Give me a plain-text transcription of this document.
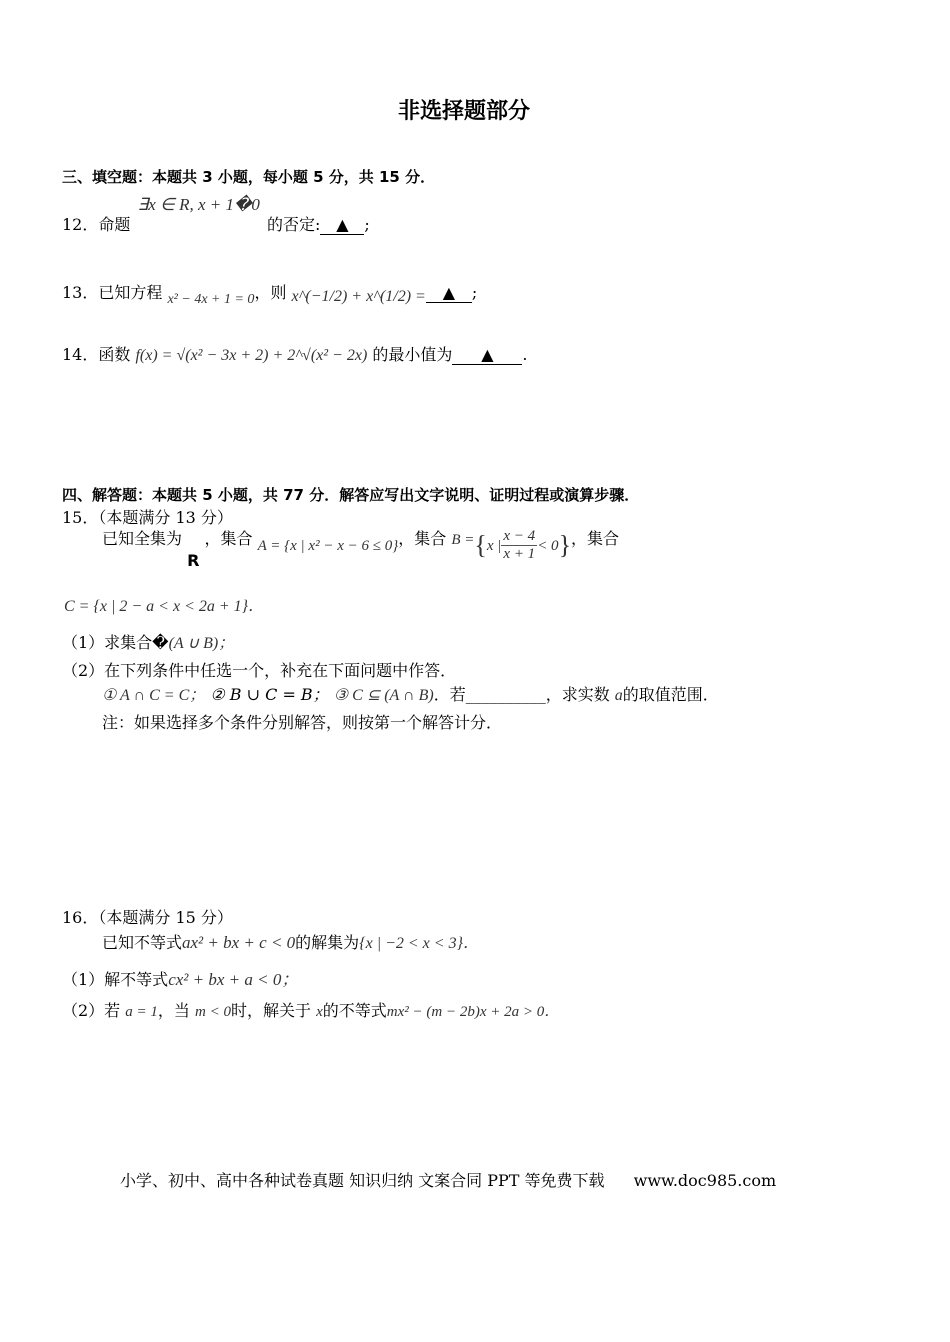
非选择题部分
三、填空题：本题共 3 小题，每小题 5 分，共 15 分．
12．命题 ∃x ∈ R, x + 1�0 的否定: ▲ ;
13．已知方程 x² − 4x + 1 = 0，则 x^(−1/2) + x^(1/2) = ▲ ;
14．函数 f(x) = √(x² − 3x + 2) + 2^√(x² − 2x) 的最小值为 ▲ .
四、解答题：本题共 5 小题，共 77 分．解答应写出文字说明、证明过程或演算步骤．
15．（本题满分 13 分）
已知全集为 R ，集合 A = {x | x² − x − 6 ≤ 0}，集合 B ={x | $\frac{x - 4}{x + 1} < 0$}，集合
C = {x | 2 − a < x < 2a + 1}．
（1）求集合�(A ∪ B)；
（2）在下列条件中任选一个，补充在下面问题中作答．
① A ∩ C = C； ② B ∪ C = B； ③ C ⊆ (A ∩ B)．若__________，求实数 a的取值范围．
注：如果选择多个条件分别解答，则按第一个解答计分．
16．（本题满分 15 分）
已知不等式ax² + bx + c < 0的解集为{x | −2 < x < 3}．
（1）解不等式cx² + bx + a < 0；
（2）若 a = 1，当 m < 0时，解关于 x的不等式mx² − (m − 2b)x + 2a > 0．
小学、初中、高中各种试卷真题 知识归纳 文案合同 PPT 等免费下载 www.doc985.com
